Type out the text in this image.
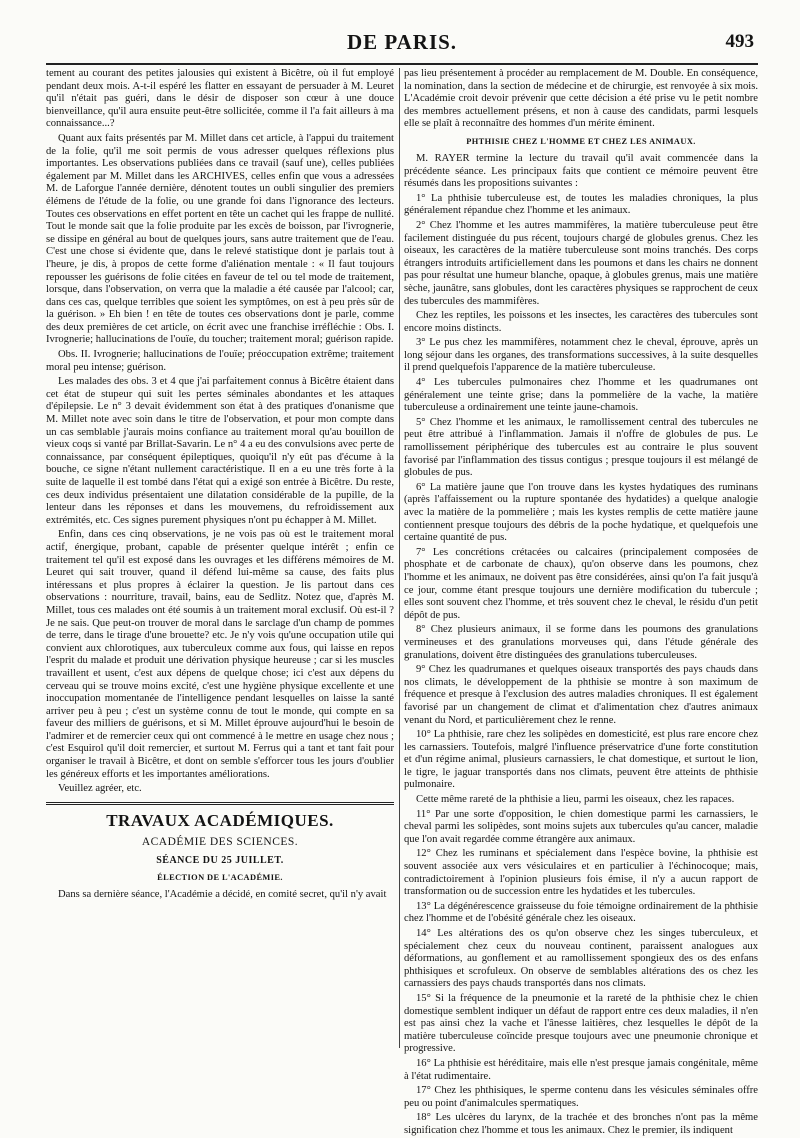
DE PARIS.	493

tement au courant des petites jalousies qui existent à Bicêtre, où il fut employé pendant deux mois. A-t-il espéré les flatter en essayant de persuader à M. Leuret qu'il n'était pas guéri, dans le désir de disposer son cœur à une douce bienveillance, qu'il aura ensuite peut-être sollicitée, comme il l'a fait ailleurs à ma connaissance...?

Quant aux faits présentés par M. Millet dans cet article, à l'appui du traitement de la folie, qu'il me soit permis de vous adresser quelques réflexions plus importantes. Les observations publiées dans ce travail (sauf une), celles publiées également par M. Millet dans les ARCHIVES, celles enfin que vous a adressées M. de Laforgue l'année dernière, dénotent toutes un oubli singulier des premiers élémens de l'étude de la folie, ou une grande foi dans l'ignorance des lecteurs. Toutes ces observations en effet portent en tête un cachet qui les frappe de nullité. Tout le monde sait que la folie produite par les excès de boisson, par l'ivrognerie, se dissipe en général au bout de quelques jours, sans autre traitement que de l'eau. C'est une chose si évidente que, dans le relevé statistique dont je parlais tout à l'heure, je dis, à propos de cette forme d'aliénation mentale : « Il faut toujours repousser les guérisons de folie citées en faveur de tel ou tel mode de traitement, lorsque, dans l'observation, on verra que la maladie a été causée par l'alcool; car, dans ces cas, quelque terribles que soient les symptômes, on est à peu près sûr de la guérison. » Eh bien ! en tête de toutes ces observations dont je parle, comme des deux premières de cet article, on écrit avec une franchise irréfléchie : Obs. I. Ivrognerie; hallucinations de l'ouïe, du toucher; traitement moral; guérison rapide.

Obs. II. Ivrognerie; hallucinations de l'ouïe; préoccupation extrême; traitement moral peu intense; guérison.

Les malades des obs. 3 et 4 que j'ai parfaitement connus à Bicêtre étaient dans cet état de stupeur qui suit les pertes séminales abondantes et les attaques d'épilepsie. Le n° 3 devait évidemment son état à des pratiques d'onanisme que M. Millet note avec soin dans le titre de l'observation, et pour mon compte dans un cas semblable j'aurais moins confiance au traitement moral qu'au bouillon de vieux coqs si vanté par Brillat-Savarin. Le n° 4 a eu des convulsions avec perte de connaissance, par conséquent épileptiques, quoiqu'il n'y eût pas d'écume à la bouche, ce signe n'étant nullement caractéristique. Il en a eu une très forte à la suite de laquelle il est tombé dans l'état qui a exigé son entrée à Bicêtre. Du reste, ces deux individus présentaient une dilatation considérable de la pupille, de la lenteur dans les réponses et dans les mouvemens, du refroidissement aux extrémités, etc. Ces signes purement physiques n'ont pu échapper à M. Millet.

Enfin, dans ces cinq observations, je ne vois pas où est le traitement moral actif, énergique, probant, capable de présenter quelque intérêt ; enfin ce traitement tel qu'il est exposé dans les ouvrages et les différens mémoires de M. Leuret qui sait trouver, quand il défend lui-même sa cause, des faits plus intéressans et plus propres à éclairer la question. Je lis partout dans ces observations : nourriture, travail, bains, eau de Sedlitz. Notez que, d'après M. Millet, tous ces malades ont été soumis à un traitement moral exclusif. Où est-il ? Je ne sais. Que peut-on trouver de moral dans le sarclage d'un champ de pommes de terre, dans le tirage d'une brouette? etc. Je n'y vois qu'une occupation utile qui convient aux chlorotiques, aux tuberculeux comme aux fous, qui laisse en repos l'esprit du malade et produit une dérivation physique heureuse ; car si les muscles travaillent et usent, c'est aux dépens de quelque chose; ici c'est aux dépens du cerveau qui se trouve moins excité, c'est une hygiène physique excellente et une inoccupation momentanée de l'intelligence pendant lesquelles on laisse la santé arriver peu à peu ; c'est un système connu de tout le monde, qui compte en sa faveur des milliers de guérisons, et si M. Millet éprouve aujourd'hui le besoin de l'admirer et de remercier ceux qui ont commencé à le mettre en usage chez nous ; c'est Esquirol qu'il doit remercier, et surtout M. Ferrus qui a tant et tant fait pour organiser le travail à Bicêtre, et dont on semble s'efforcer tous les jours d'oublier les généreux efforts et les importantes améliorations.

Veuillez agréer, etc.

TRAVAUX ACADÉMIQUES.
ACADÉMIE DES SCIENCES.
SÉANCE DU 25 JUILLET.
ÉLECTION DE L'ACADÉMIE.

Dans sa dernière séance, l'Académie a décidé, en comité secret, qu'il n'y avait

pas lieu présentement à procéder au remplacement de M. Double. En conséquence, la nomination, dans la section de médecine et de chirurgie, est renvoyée à six mois. L'Académie croit devoir prévenir que cette décision a été prise vu le petit nombre des membres actuellement présens, et non à cause des candidats, parmi lesquels elle se plaît à reconnaître des hommes d'un mérite éminent.

PHTHISIE CHEZ L'HOMME ET CHEZ LES ANIMAUX.

M. RAYER termine la lecture du travail qu'il avait commencée dans la précédente séance. Les principaux faits que contient ce mémoire peuvent être résumés dans les propositions suivantes :

1° La phthisie tuberculeuse est, de toutes les maladies chroniques, la plus généralement répandue chez l'homme et les animaux.

2° Chez l'homme et les autres mammifères, la matière tuberculeuse peut être facilement distinguée du pus récent, toujours chargé de globules grenus. Chez les oiseaux, les caractères de la matière tuberculeuse sont moins tranchés. Des corps étrangers introduits artificiellement dans les poumons et dans les chairs ne donnent pas pour résultat une humeur blanche, opaque, à globules grenus, mais une matière sèche, jaunâtre, sans globules, dont les caractères physiques se rapprochent de ceux des tubercules des mammifères.

Chez les reptiles, les poissons et les insectes, les caractères des tubercules sont encore moins distincts.

3° Le pus chez les mammifères, notamment chez le cheval, éprouve, après un long séjour dans les organes, des transformations successives, à la suite desquelles il prend quelquefois l'apparence de la matière tuberculeuse.

4° Les tubercules pulmonaires chez l'homme et les quadrumanes ont généralement une teinte grise; dans la pommelière de la vache, la matière tuberculeuse a ordinairement une teinte jaune-chamois.

5° Chez l'homme et les animaux, le ramollissement central des tubercules ne peut être attribué à l'inflammation. Jamais il n'offre de globules de pus. Le ramollissement périphérique des tubercules est au contraire le plus souvent favorisé par l'inflammation des tissus contigus ; presque toujours il est mélangé de globules de pus.

6° La matière jaune que l'on trouve dans les kystes hydatiques des ruminans (après l'affaissement ou la rupture spontanée des hydatides) a quelque analogie avec la matière de la pommelière ; mais les kystes remplis de cette matière jaune contiennent presque toujours des débris de la poche hydatique, et quelquefois une certaine quantité de pus.

7° Les concrétions crétacées ou calcaires (principalement composées de phosphate et de carbonate de chaux), qu'on observe dans les poumons, chez l'homme et les animaux, ne doivent pas être considérées, ainsi qu'on l'a fait jusqu'à ce jour, comme étant presque toujours une dernière modification du tubercule ; elles sont souvent chez l'homme, et très souvent chez le cheval, le résidu d'un petit dépôt de pus.

8° Chez plusieurs animaux, il se forme dans les poumons des granulations vermineuses et des granulations morveuses qui, dans l'étude générale des granulations, doivent être distinguées des granulations tuberculeuses.

9° Chez les quadrumanes et quelques oiseaux transportés des pays chauds dans nos climats, le développement de la phthisie se montre à son maximum de fréquence et presque à l'exclusion des autres maladies chroniques. Il est également favorisé par un changement de climat et d'alimentation chez d'autres animaux venant du Nord, et particulièrement chez le renne.

10° La phthisie, rare chez les solipèdes en domesticité, est plus rare encore chez les carnassiers. Toutefois, malgré l'influence préservatrice d'une forte constitution et d'un régime animal, plusieurs carnassiers, le chat domestique, et surtout le lion, le tigre, le jaguar transportés dans nos climats, peuvent être atteints de phthisie pulmonaire.

Cette même rareté de la phthisie a lieu, parmi les oiseaux, chez les rapaces.

11° Par une sorte d'opposition, le chien domestique parmi les carnassiers, le cheval parmi les solipèdes, sont moins sujets aux tubercules qu'au cancer, maladie que l'on avait regardée comme étrangère aux animaux.

12° Chez les ruminans et spécialement dans l'espèce bovine, la phthisie est souvent associée aux vers vésiculaires et en particulier à l'échinocoque; mais, contradictoirement à l'opinion plusieurs fois émise, il n'y a aucun rapport de transformation ou de succession entre les hydatides et les tubercules.

13° La dégénérescence graisseuse du foie témoigne ordinairement de la phthisie chez l'homme et de l'obésité générale chez les oiseaux.

14° Les altérations des os qu'on observe chez les singes tuberculeux, et spécialement chez ceux du nouveau continent, paraissent analogues aux déformations, au gonflement et au ramollissement spongieux des os des enfans phthisiques et scrofuleux. On observe de semblables altérations des os chez les carnassiers des pays chauds transportés dans nos climats.

15° Si la fréquence de la pneumonie et la rareté de la phthisie chez le chien domestique semblent indiquer un défaut de rapport entre ces deux maladies, il n'en est pas ainsi chez la vache et l'ânesse laitières, chez lesquelles le dépôt de la matière tuberculeuse coïncide presque toujours avec une pneumonie chronique et progressive.

16° La phthisie est héréditaire, mais elle n'est presque jamais congénitale, même à l'état rudimentaire.

17° Chez les phthisiques, le sperme contenu dans les vésicules séminales offre peu ou point d'animalcules spermatiques.

18° Les ulcères du larynx, de la trachée et des bronches n'ont pas la même signification chez l'homme et tous les animaux. Chez le premier, ils indiquent
